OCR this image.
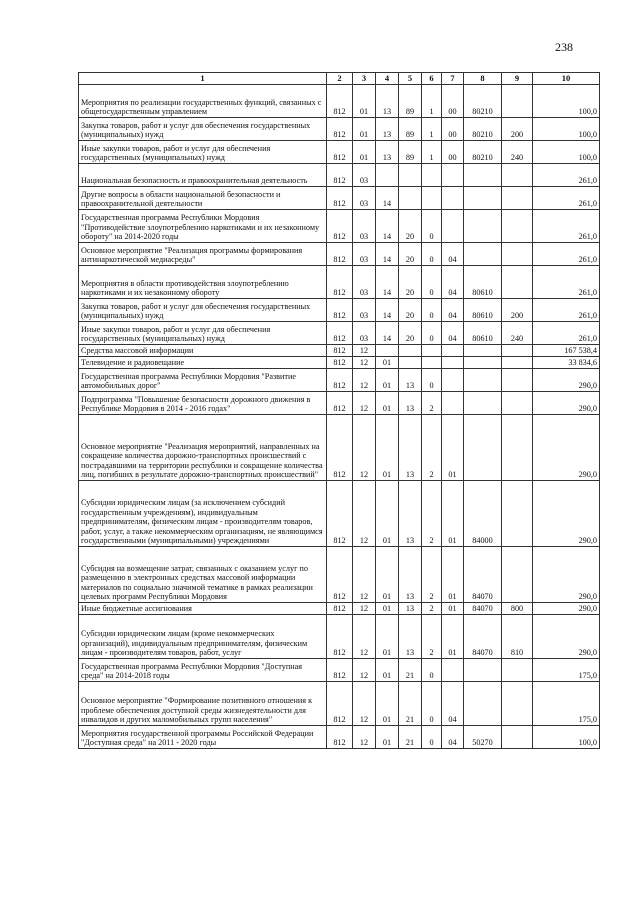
238
1	2	3	4	5	6	7	8	9	10
Мероприятия по реализации государственных функций, связанных с общегосударственным управлением	812	01	13	89	1	00	80210		100,0
Закупка товаров, работ и услуг для обеспечения государственных (муниципальных) нужд	812	01	13	89	1	00	80210	200	100,0
Иные закупки товаров, работ и услуг для обеспечения государственных (муниципальных) нужд	812	01	13	89	1	00	80210	240	100,0
Национальная безопасность и правоохранительная деятельность	812	03							261,0
Другие вопросы в области национальной безопасности и правоохранительной деятельности	812	03	14						261,0
Государственная программа Республики Мордовия "Противодействие злоупотреблению наркотиками и их незаконному обороту" на 2014-2020 годы	812	03	14	20	0				261,0
Основное мероприятие "Реализация программы формирования антинаркотической медиасреды"	812	03	14	20	0	04			261,0
Мероприятия в области противодействия злоупотреблению наркотиками и их незаконному обороту	812	03	14	20	0	04	80610		261,0
Закупка товаров, работ и услуг для обеспечения государственных (муниципальных) нужд	812	03	14	20	0	04	80610	200	261,0
Иные закупки товаров, работ и услуг для обеспечения государственных (муниципальных) нужд	812	03	14	20	0	04	80610	240	261,0
Средства массовой информации	812	12							167 538,4
Телевидение и радиовещание	812	12	01						33 834,6
Государственная программа Республики Мордовия "Развитие автомобильных дорог"	812	12	01	13	0				290,0
Подпрограмма "Повышение безопасности дорожного движения в Республике Мордовия в 2014 - 2016 годах"	812	12	01	13	2				290,0
Основное мероприятие "Реализация мероприятий, направленных на сокращение количества дорожно-транспортных происшествий с пострадавшими на территории республики и сокращение количества лиц, погибших в результате дорожно-транспортных происшествий"	812	12	01	13	2	01			290,0
Субсидии юридическим лицам (за исключением субсидий государственным учреждениям), индивидуальным предпринимателям, физическим лицам - производителям товаров, работ, услуг, а также некоммерческим организациям, не являющимся государственными (муниципальными) учреждениями	812	12	01	13	2	01	84000		290,0
Субсидия на возмещение затрат, связанных с оказанием услуг по размещению в электронных средствах массовой информации материалов по социально значимой тематике в рамках реализации целевых программ Республики Мордовия	812	12	01	13	2	01	84070		290,0
Иные бюджетные ассигнования	812	12	01	13	2	01	84070	800	290,0
Субсидии юридическим лицам (кроме некоммерческих организаций), индивидуальным предпринимателям, физическим лицам - производителям товаров, работ, услуг	812	12	01	13	2	01	84070	810	290,0
Государственная программа Республики Мордовия "Доступная среда" на 2014-2018 годы	812	12	01	21	0				175,0
Основное мероприятие "Формирование позитивного отношения к проблеме обеспечения доступной среды жизнедеятельности для инвалидов и других маломобильных групп населения"	812	12	01	21	0	04			175,0
Мероприятия государственной программы Российской Федерации "Доступная среда" на 2011 - 2020 годы	812	12	01	21	0	04	50270		100,0
